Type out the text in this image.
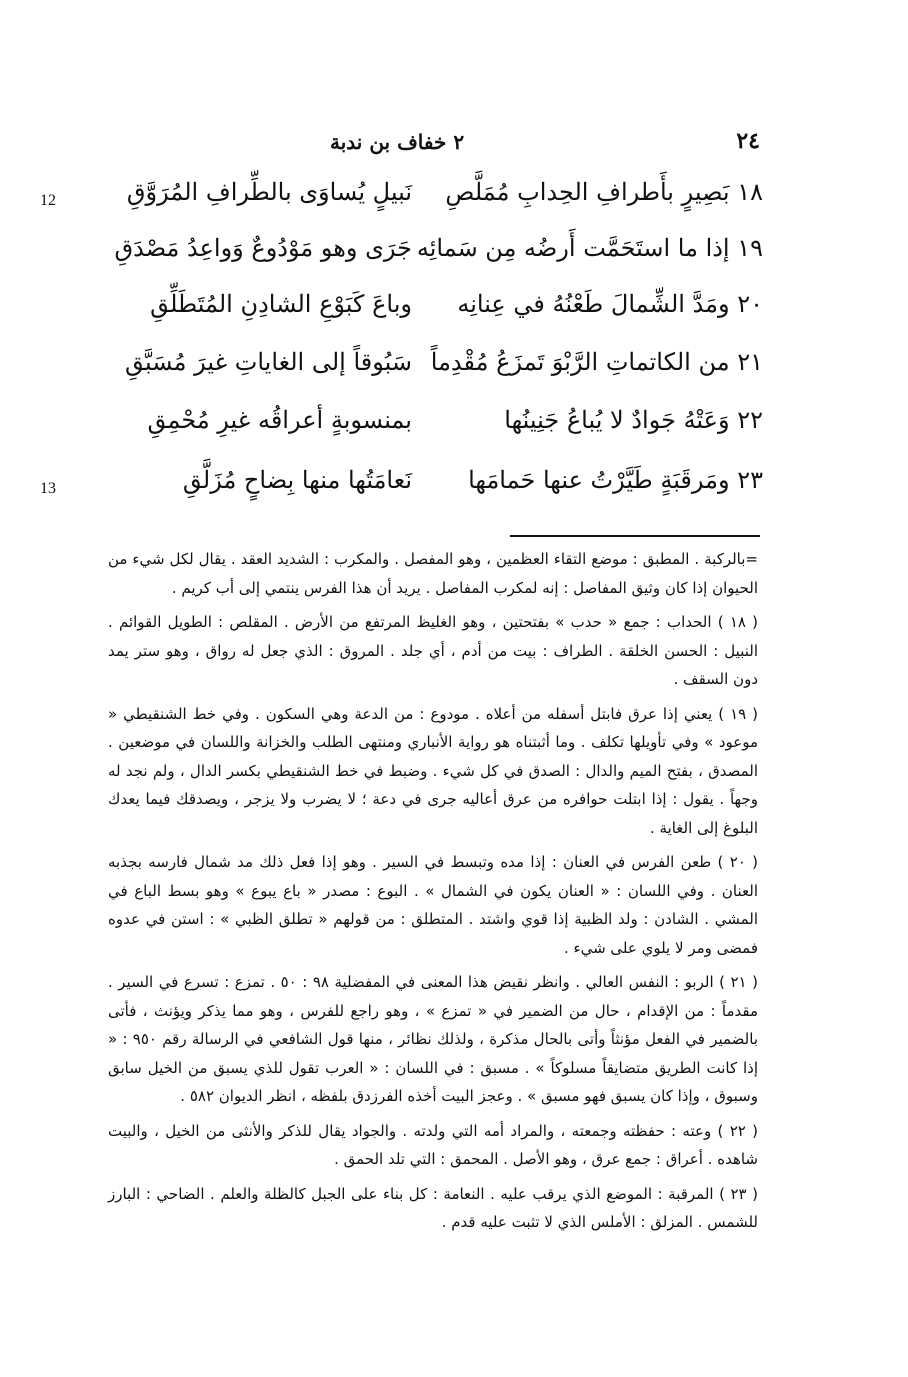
٢٤
٢ خفاف بن ندبة
١٨ بَصِيرٍ بأَطرافِ الحِدابِ مُمَلَّصِ
نَبيلٍ يُساوَى بالطِّرافِ المُرَوَّقِ
12
١٩ إذا ما استَحَمَّت أَرضُه مِن سَمائِه
جَرَى وهو مَوْدُوعٌ وَواعِدُ مَصْدَقِ
٢٠ ومَدَّ الشِّمالَ طَعْنُهُ في عِنانِه
وباعَ كَبَوْعِ الشادِنِ المُتَطَلِّقِ
٢١ من الكاتماتِ الرَّبْوَ تَمزَعُ مُقْدِماً
سَبُوقاً إلى الغاياتِ غيرَ مُسَبَّقِ
٢٢ وَعَتْهُ جَوادٌ لا يُباعُ جَنِينُها
بمنسوبةٍ أعراقُه غيرِ مُحْمِقِ
٢٣ ومَرقَبَةٍ طَيَّرْتُ عنها حَمامَها
نَعامَتُها منها بِضاحٍ مُزَلَّقِ
13

=بالركبة . المطبق : موضع التقاء العظمين ، وهو المفصل . والمكرب : الشديد العقد . يقال لكل شيء من الحيوان إذا كان وثيق المفاصل : إنه لمكرب المفاصل . يريد أن هذا الفرس ينتمي إلى أب كريم .

( ١٨ ) الحداب : جمع « حدب » بفتحتين ، وهو الغليظ المرتفع من الأرض . المقلص : الطويل القوائم . النبيل : الحسن الخلقة . الطراف : بيت من أدم ، أي جلد . المروق : الذي جعل له رواق ، وهو ستر يمد دون السقف .

( ١٩ ) يعني إذا عرق فابتل أسفله من أعلاه . مودوع : من الدعة وهي السكون . وفي خط الشنقيطي « موعود » وفي تأويلها تكلف . وما أثبتناه هو رواية الأنباري ومنتهى الطلب والخزانة واللسان في موضعين . المصدق ، بفتح الميم والدال : الصدق في كل شيء . وضبط في خط الشنقيطي بكسر الدال ، ولم نجد له وجهاً . يقول : إذا ابتلت حوافره من عرق أعاليه جرى في دعة ؛ لا يضرب ولا يزجر ، ويصدقك فيما يعدك البلوغ إلى الغاية .

( ٢٠ ) طعن الفرس في العنان : إذا مده وتبسط في السير . وهو إذا فعل ذلك مد شمال فارسه بجذبه العنان . وفي اللسان : « العنان يكون في الشمال » . البوع : مصدر « باع يبوع » وهو بسط الباع في المشي . الشادن : ولد الظبية إذا قوي واشتد . المتطلق : من قولهم « تطلق الظبي » : استن في عدوه فمضى ومر لا يلوي على شيء .

( ٢١ ) الربو : النفس العالي . وانظر نقيض هذا المعنى في المفضلية ٩٨ : ٥٠ . تمزع : تسرع في السير . مقدماً : من الإقدام ، حال من الضمير في « تمزع » ، وهو راجع للفرس ، وهو مما يذكر ويؤنث ، فأتى بالضمير في الفعل مؤنثاً وأتى بالحال مذكرة ، ولذلك نظائر ، منها قول الشافعي في الرسالة رقم ٩٥٠ : « إذا كانت الطريق متضايقاً مسلوكاً » . مسبق : في اللسان : « العرب تقول للذي يسبق من الخيل سابق وسبوق ، وإذا كان يسبق فهو مسبق » . وعجز البيت أخذه الفرزدق بلفظه ، انظر الديوان ٥٨٢ .

( ٢٢ ) وعته : حفظته وجمعته ، والمراد أمه التي ولدته . والجواد يقال للذكر والأنثى من الخيل ، والبيت شاهده . أعراق : جمع عرق ، وهو الأصل . المحمق : التي تلد الحمق .

( ٢٣ ) المرقبة : الموضع الذي يرقب عليه . النعامة : كل بناء على الجبل كالظلة والعلم . الضاحي : البارز للشمس . المزلق : الأملس الذي لا تثبت عليه قدم .
